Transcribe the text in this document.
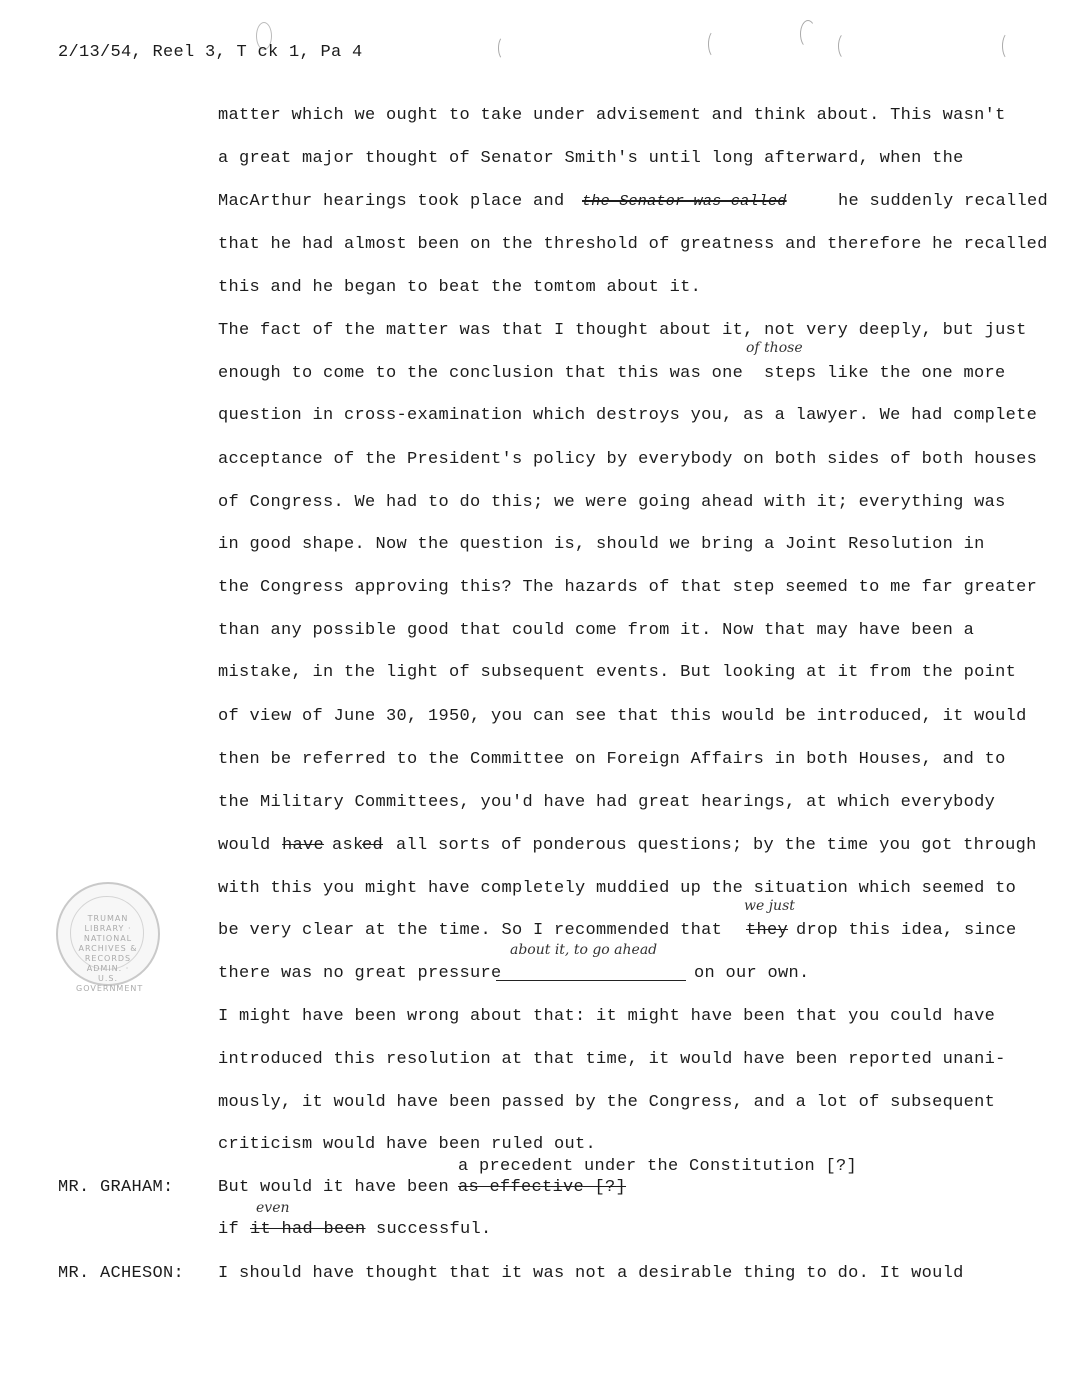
2/13/54, Reel 3, T ck 1, Pa 4
matter which we ought to take under advisement and think about. This wasn't
a great major thought of Senator Smith's until long afterward, when the
MacArthur hearings took place and the Senator was called	he suddenly recalled
that he had almost been on the threshold of greatness and therefore he recalled
this and he began to beat the tomtom about it.
The fact of the matter was that I thought about it, not very deeply, but just
of those
enough to come to the conclusion that this was one steps like the one more
question in cross-examination which destroys you, as a lawyer. We had complete
acceptance of the President's policy by everybody on both sides of both houses
of Congress. We had to do this; we were going ahead with it; everything was
in good shape. Now the question is, should we bring a Joint Resolution in
the Congress approving this? The hazards of that step seemed to me far greater
than any possible good that could come from it. Now that may have been a
mistake, in the light of subsequent events. But looking at it from the point
of view of June 30, 1950, you can see that this would be introduced, it would
then be referred to the Committee on Foreign Affairs in both Houses, and to
the Military Committees, you'd have had great hearings, at which everybody
would have ask
ed all sorts of ponderous questions; by the time you got through
with this you might have completely muddied up the situation which seemed to
we just
be very clear at the time. So I recommended that they drop this idea, since
about it, to go ahead
there was no great pressure	on our own.
I might have been wrong about that: it might have been that you could have
introduced this resolution at that time, it would have been reported unani-
mously, it would have been passed by the Congress, and a lot of subsequent
criticism would have been ruled out.
a precedent under the Constitution [?]
MR. GRAHAM:	But would it have been as effective [?]
even
if it had been successful.
MR. ACHESON: I should have thought that it was not a desirable thing to do. It would
TRUMAN LIBRARY · NATIONAL ARCHIVES & RECORDS ADMIN. · U.S. GOVERNMENT
